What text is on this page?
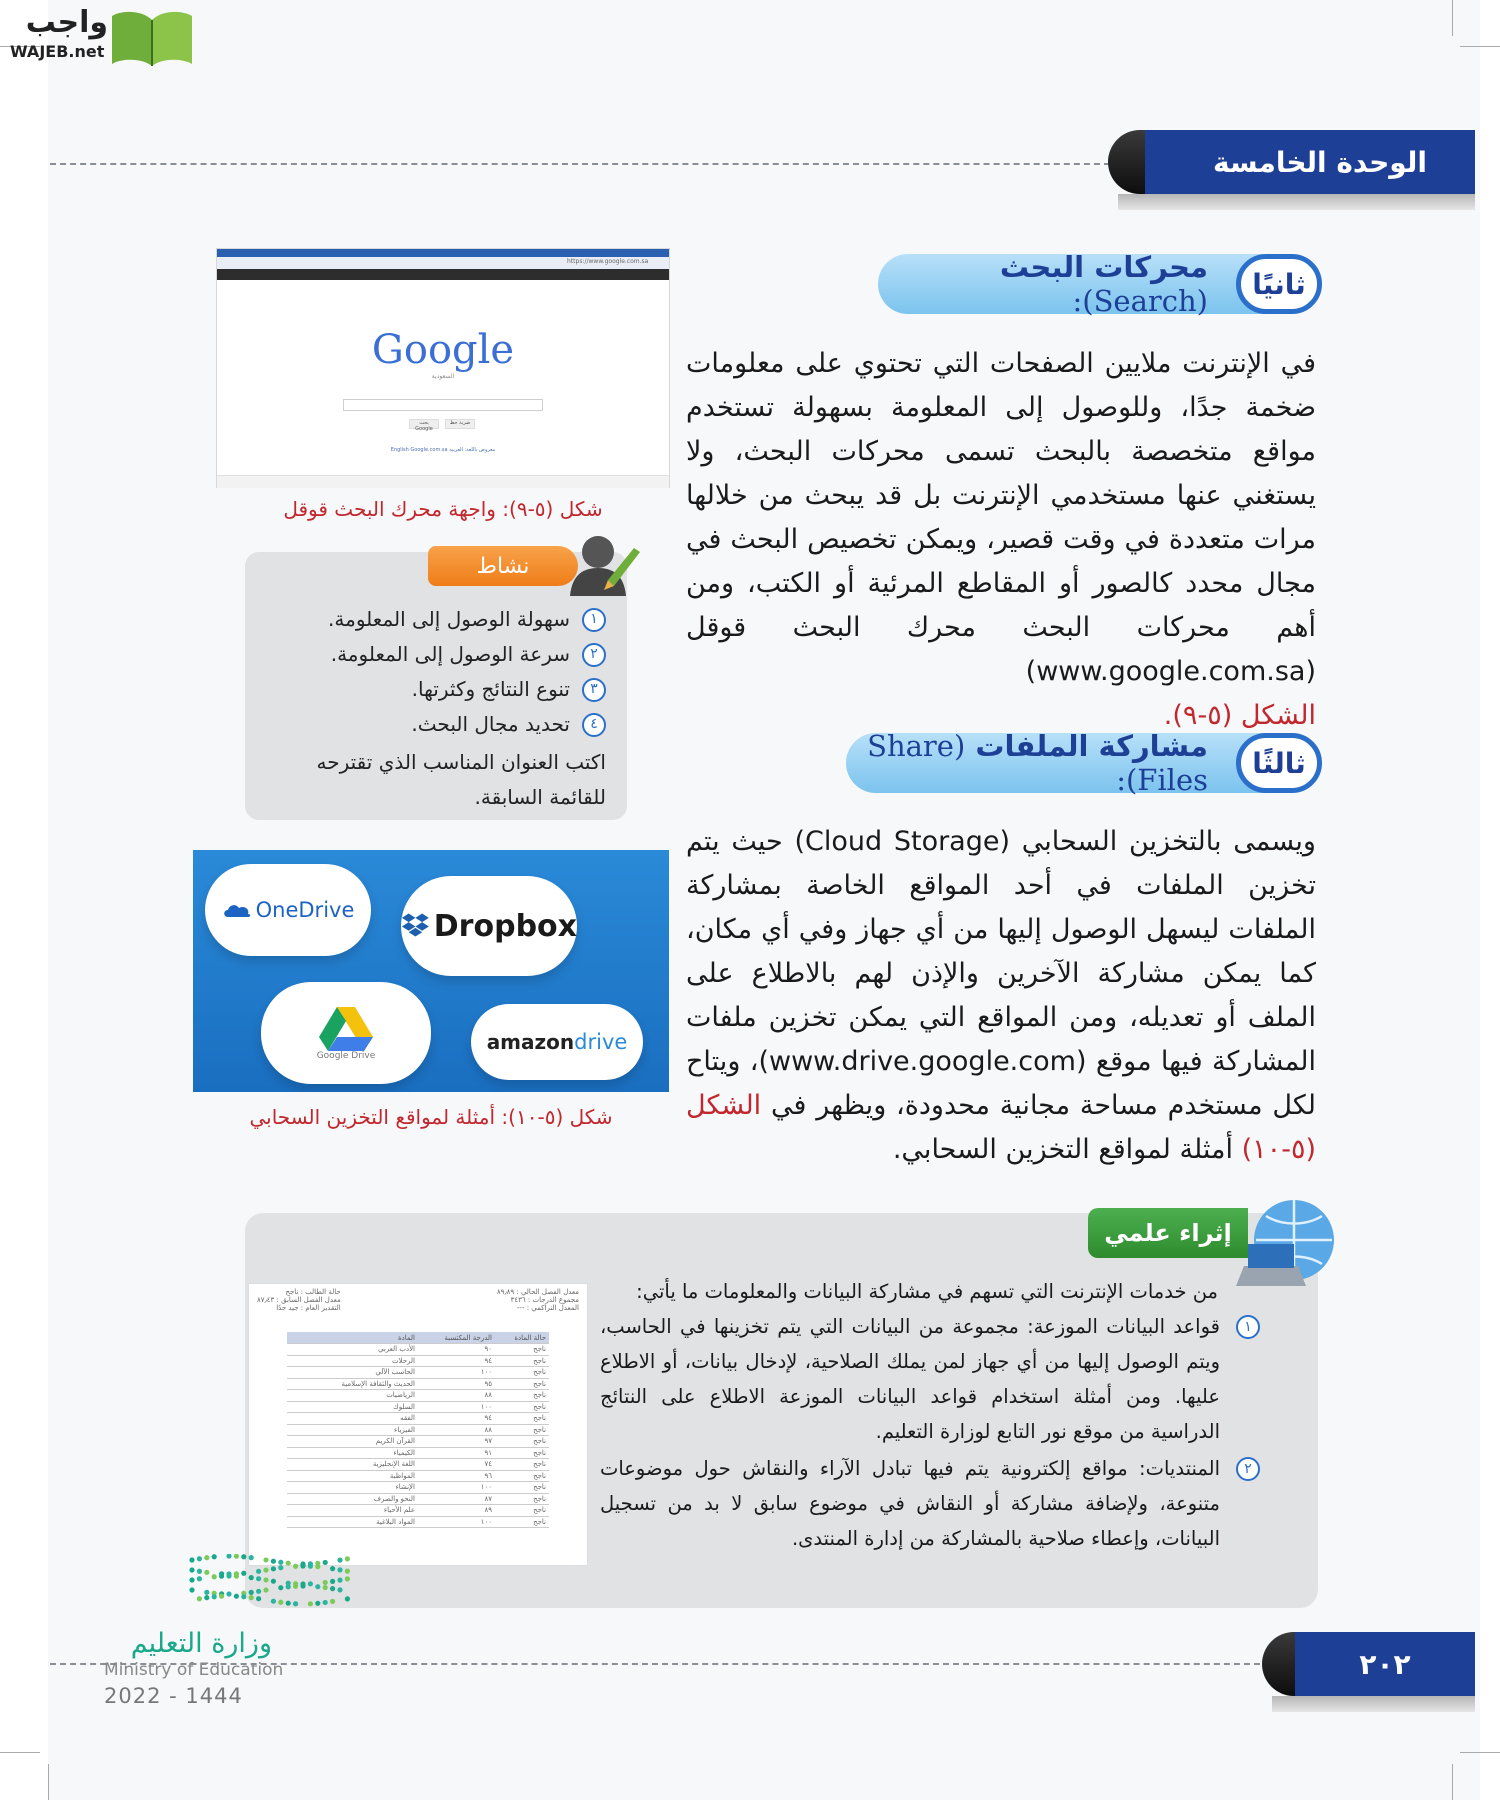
واجب
WAJEB.net
الوحدة الخامسة
محركات البحث (Search):	ثانيًا
في الإنترنت ملايين الصفحات التي تحتوي على معلومات ضخمة جدًا، وللوصول إلى المعلومة بسهولة تستخدم مواقع متخصصة بالبحث تسمى محركات البحث، ولا يستغني عنها مستخدمي الإنترنت بل قد يبحث من خلالها مرات متعددة في وقت قصير، ويمكن تخصيص البحث في مجال محدد كالصور أو المقاطع المرئية أو الكتب، ومن أهم محركات البحث محرك البحث قوقل (www.google.com.sa)
الشكل (٥-٩).
https://www.google.com.sa
Google
السعودية
بحث Google
ضربة حظ
English Google.com.sa معروض باللغة: العربية
شكل (٥-٩): واجهة محرك البحث قوقل
نشاط
١
سهولة الوصول إلى المعلومة.
٢
سرعة الوصول إلى المعلومة.
٣
تنوع النتائج وكثرتها.
٤
تحديد مجال البحث.
اكتب العنوان المناسب الذي تقترحه للقائمة السابقة.
مشاركة الملفات (Share Files):	ثالثًا
ويسمى بالتخزين السحابي (Cloud Storage) حيث يتم تخزين الملفات في أحد المواقع الخاصة بمشاركة الملفات ليسهل الوصول إليها من أي جهاز وفي أي مكان، كما يمكن مشاركة الآخرين والإذن لهم بالاطلاع على الملف أو تعديله، ومن المواقع التي يمكن تخزين ملفات المشاركة فيها موقع (www.drive.google.com)، ويتاح لكل مستخدم مساحة مجانية محدودة، ويظهر في الشكل (٥-١٠) أمثلة لمواقع التخزين السحابي.
OneDrive	Dropbox
Google Drive
amazon drive
شكل (٥-١٠): أمثلة لمواقع التخزين السحابي
إثراء علمي
من خدمات الإنترنت التي تسهم في مشاركة البيانات والمعلومات ما يأتي:
١
قواعد البيانات الموزعة: مجموعة من البيانات التي يتم تخزينها في الحاسب، ويتم الوصول إليها من أي جهاز لمن يملك الصلاحية، لإدخال بيانات، أو الاطلاع عليها. ومن أمثلة استخدام قواعد البيانات الموزعة الاطلاع على النتائج الدراسية من موقع نور التابع لوزارة التعليم.
٢
المنتديات: مواقع إلكترونية يتم فيها تبادل الآراء والنقاش حول موضوعات متنوعة، ولإضافة مشاركة أو النقاش في موضوع سابق لا بد من تسجيل البيانات، وإعطاء صلاحية بالمشاركة من إدارة المنتدى.
حالة الطالب : ناجح
معدل الفصل السابق : ٨٧٫٤٣
التقدير العام : جيد جدًا
معدل الفصل الحالي : ٨٩٫٨٩
مجموع الدرجات : ٣٤٣٦
المعدل التراكمي : ---
المادة	الدرجة المكتسبة	حالة المادة
الأدب العربي	٩٠	ناجح
الرحلات	٩٤	ناجح
الحاسب الآلي	١٠٠	ناجح
الحديث والثقافة الإسلامية	٩٥	ناجح
الرياضيات	٨٨	ناجح
السلوك	١٠٠	ناجح
الفقه	٩٤	ناجح
الفيزياء	٨٨	ناجح
القرآن الكريم	٩٧	ناجح
الكيمياء	٩١	ناجح
اللغة الإنجليزية	٧٤	ناجح
المواظبة	٩٦	ناجح
الإنشاء	١٠٠	ناجح
النحو والصرف	٨٧	ناجح
علم الأحياء	٨٩	ناجح
المواد البلاغية	١٠٠	ناجح
وزارة التعليم
Ministry of Education
2022 - 1444
٢٠٢
